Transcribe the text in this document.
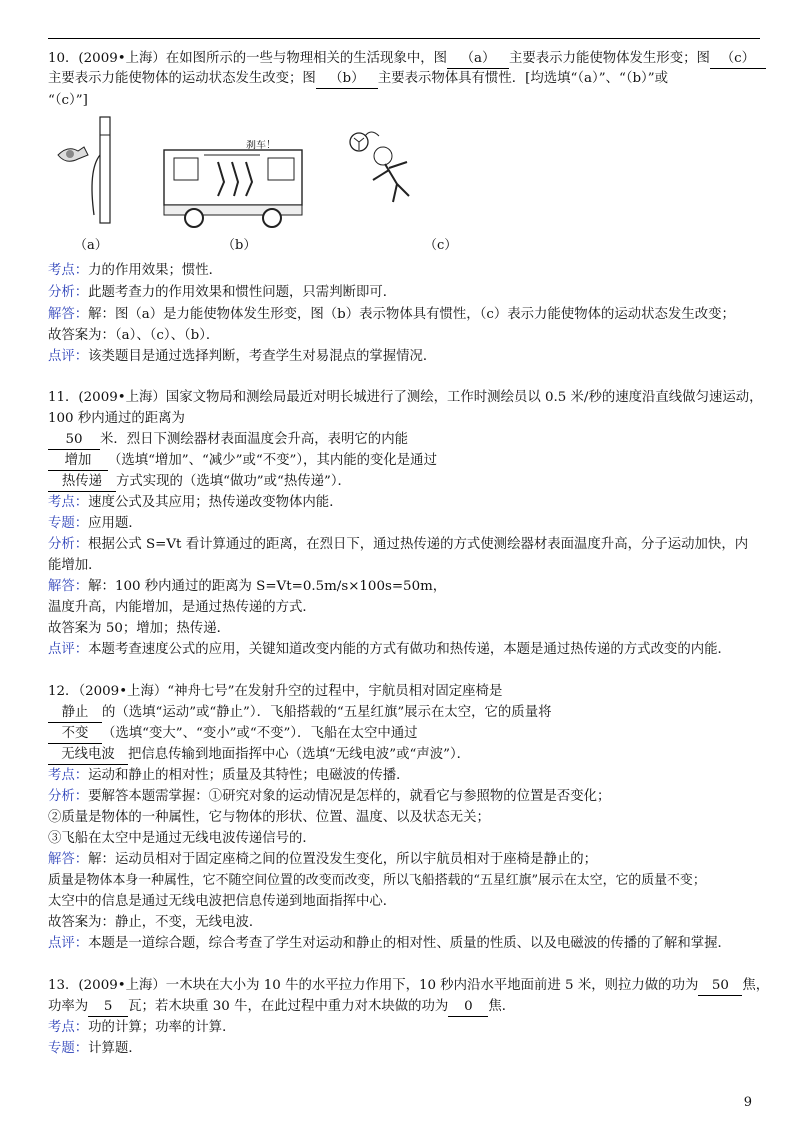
10．(2009•上海）在如图所示的一些与物理相关的生活现象中，图 （a） 主要表示力能使物体发生形变；图 （c）
主要表示力能使物体的运动状态发生改变；图 （b） 主要表示物体具有惯性．[均选填“（a）”、“（b）”或
“（c）”]
（a）
刹车！
（b）	（c）
考点：力的作用效果；惯性．
分析：此题考查力的作用效果和惯性问题，只需判断即可．
解答：解：图（a）是力能使物体发生形变，图（b）表示物体具有惯性，（c）表示力能使物体的运动状态发生改变；
故答案为：（a）、（c）、（b）．
点评：该类题目是通过选择判断，考查学生对易混点的掌握情况．
11．(2009•上海）国家文物局和测绘局最近对明长城进行了测绘，工作时测绘员以 0.5 米/秒的速度沿直线做匀速运动，
100 秒内通过的距离为
50 米．烈日下测绘器材表面温度会升高，表明它的内能
增加 （选填“增加”、“减少”或“不变”），其内能的变化是通过
热传递 方式实现的（选填“做功”或“热传递”）．
考点：速度公式及其应用；热传递改变物体内能．
专题：应用题．
分析：根据公式 S=Vt 看计算通过的距离，在烈日下，通过热传递的方式使测绘器材表面温度升高，分子运动加快，内
能增加．
解答：解：100 秒内通过的距离为 S=Vt=0.5m/s×100s=50m，
温度升高，内能增加，是通过热传递的方式．
故答案为 50；增加；热传递．
点评：本题考查速度公式的应用，关键知道改变内能的方式有做功和热传递，本题是通过热传递的方式改变的内能．
12．（2009•上海）“神舟七号”在发射升空的过程中，宇航员相对固定座椅是
静止 的（选填“运动”或“静止”）．飞船搭载的“五星红旗”展示在太空，它的质量将
不变 （选填“变大”、“变小”或“不变”）．飞船在太空中通过
无线电波 把信息传输到地面指挥中心（选填“无线电波”或“声波”）．
考点：运动和静止的相对性；质量及其特性；电磁波的传播．
分析：要解答本题需掌握：①研究对象的运动情况是怎样的，就看它与参照物的位置是否变化；
②质量是物体的一种属性，它与物体的形状、位置、温度、以及状态无关；
③飞船在太空中是通过无线电波传递信号的．
解答：解：运动员相对于固定座椅之间的位置没发生变化，所以宇航员相对于座椅是静止的；
质量是物体本身一种属性，它不随空间位置的改变而改变，所以飞船搭载的“五星红旗”展示在太空，它的质量不变；
太空中的信息是通过无线电波把信息传递到地面指挥中心．
故答案为：静止，不变，无线电波．
点评：本题是一道综合题，综合考查了学生对运动和静止的相对性、质量的性质、以及电磁波的传播的了解和掌握．
13．(2009•上海）一木块在大小为 10 牛的水平拉力作用下，10 秒内沿水平地面前进 5 米，则拉力做的功为 50 焦，
功率为 5 瓦；若木块重 30 牛，在此过程中重力对木块做的功为 0 焦．
考点：功的计算；功率的计算．
专题：计算题．
9
